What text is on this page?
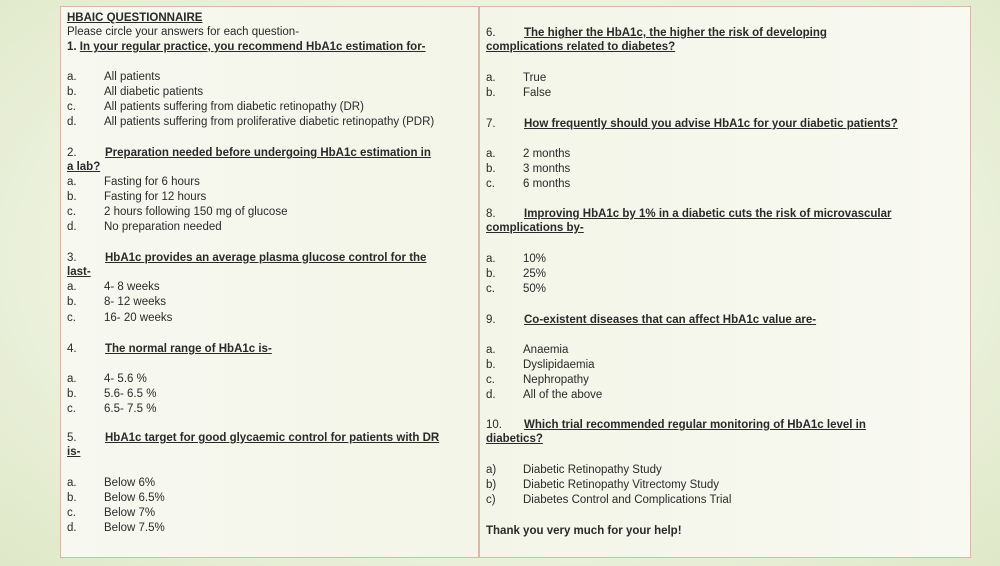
HBAIC QUESTIONNAIRE
Please circle your answers for each question-
1. In your regular practice, you recommend HbA1c estimation for-
a. All patients
b. All diabetic patients
c. All patients suffering from diabetic retinopathy (DR)
d. All patients suffering from proliferative diabetic retinopathy (PDR)
2. Preparation needed before undergoing HbA1c estimation in
a lab?
a. Fasting for 6 hours
b. Fasting for 12 hours
c. 2 hours following 150 mg of glucose
d. No preparation needed
3. HbA1c provides an average plasma glucose control for the
last-
a. 4- 8 weeks
b. 8- 12 weeks
c. 16- 20 weeks
4. The normal range of HbA1c is-
a. 4- 5.6 %
b. 5.6- 6.5 %
c. 6.5- 7.5 %
5. HbA1c target for good glycaemic control for patients with DR
is-
a. Below 6%
b. Below 6.5%
c. Below 7%
d. Below 7.5%
6. The higher the HbA1c, the higher the risk of developing
complications related to diabetes?
a. True
b. False
7. How frequently should you advise HbA1c for your diabetic patients?
a. 2 months
b. 3 months
c. 6 months
8. Improving HbA1c by 1% in a diabetic cuts the risk of microvascular
complications by-
a. 10%
b. 25%
c. 50%
9. Co-existent diseases that can affect HbA1c value are-
a. Anaemia
b. Dyslipidaemia
c. Nephropathy
d. All of the above
10. Which trial recommended regular monitoring of HbA1c level in
diabetics?
a) Diabetic Retinopathy Study
b) Diabetic Retinopathy Vitrectomy Study
c) Diabetes Control and Complications Trial
Thank you very much for your help!
